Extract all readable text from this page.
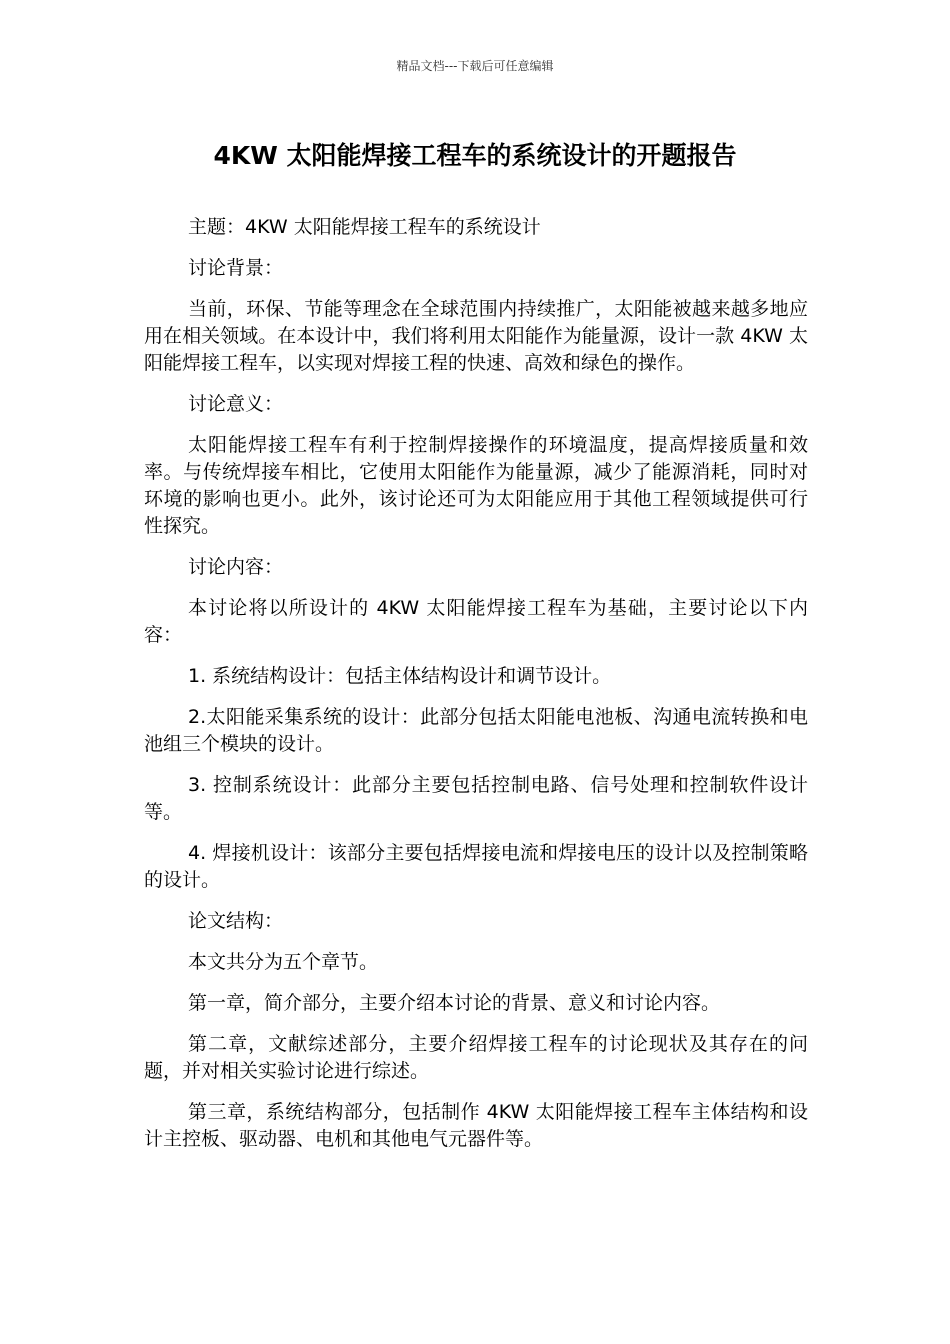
精品文档---下载后可任意编辑
4KW 太阳能焊接工程车的系统设计的开题报告

主题：4KW 太阳能焊接工程车的系统设计

讨论背景：

当前，环保、节能等理念在全球范围内持续推广，太阳能被越来越多地应用在相关领域。在本设计中，我们将利用太阳能作为能量源，设计一款 4KW 太阳能焊接工程车，以实现对焊接工程的快速、高效和绿色的操作。

讨论意义：

太阳能焊接工程车有利于控制焊接操作的环境温度，提高焊接质量和效率。与传统焊接车相比，它使用太阳能作为能量源，减少了能源消耗，同时对环境的影响也更小。此外，该讨论还可为太阳能应用于其他工程领域提供可行性探究。

讨论内容：

本讨论将以所设计的 4KW 太阳能焊接工程车为基础，主要讨论以下内容：

1. 系统结构设计：包括主体结构设计和调节设计。

2.太阳能采集系统的设计：此部分包括太阳能电池板、沟通电流转换和电池组三个模块的设计。

3. 控制系统设计：此部分主要包括控制电路、信号处理和控制软件设计等。

4. 焊接机设计：该部分主要包括焊接电流和焊接电压的设计以及控制策略的设计。

论文结构：

本文共分为五个章节。

第一章，简介部分，主要介绍本讨论的背景、意义和讨论内容。

第二章，文献综述部分，主要介绍焊接工程车的讨论现状及其存在的问题，并对相关实验讨论进行综述。

第三章，系统结构部分，包括制作 4KW 太阳能焊接工程车主体结构和设计主控板、驱动器、电机和其他电气元器件等。
